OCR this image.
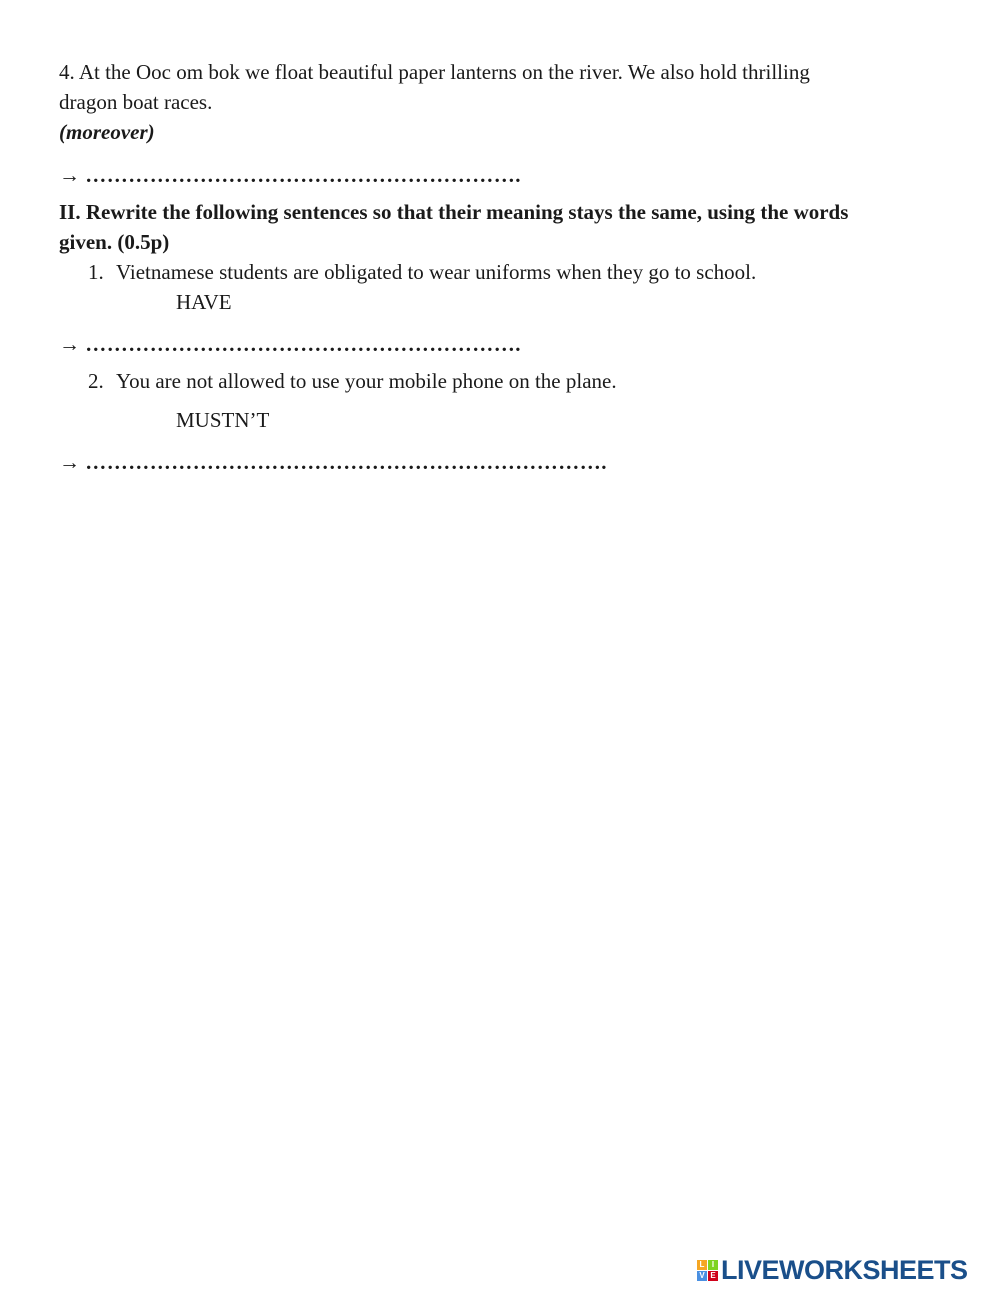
4. At the Ooc om bok we float beautiful paper lanterns on the river. We also hold thrilling
dragon boat races.
(moreover)
→ …………………………………………………….
II. Rewrite the following sentences so that their meaning stays the same, using the words
given. (0.5p)
1. Vietnamese students are obligated to wear uniforms when they go to school.
HAVE
→ …………………………………………………….
2. You are not allowed to use your mobile phone on the plane.
MUSTN’T
→ ……………………………………………………………….
L I
V E LIVEWORKSHEETS
